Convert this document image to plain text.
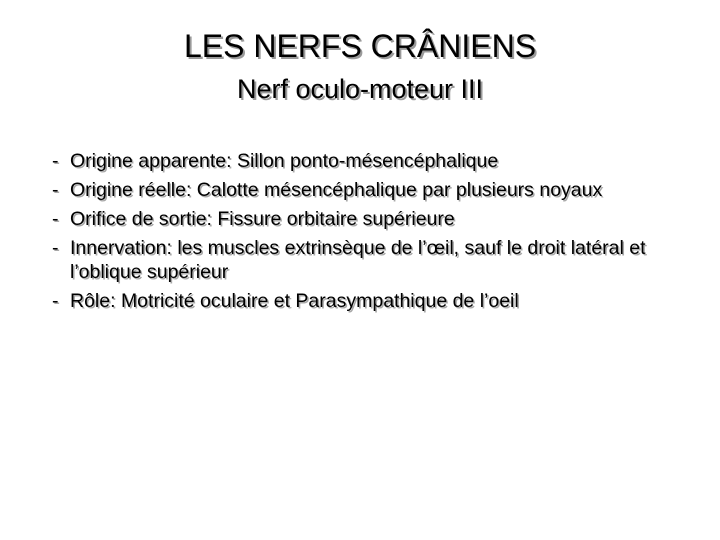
LES NERFS CRÂNIENS
Nerf oculo-moteur III
- Origine apparente: Sillon ponto-mésencéphalique
- Origine réelle: Calotte mésencéphalique par plusieurs noyaux
- Orifice de sortie: Fissure orbitaire supérieure
- Innervation: les muscles extrinsèque de l’œil, sauf le droit latéral et l’oblique supérieur
- Rôle: Motricité oculaire et Parasympathique de l’oeil
